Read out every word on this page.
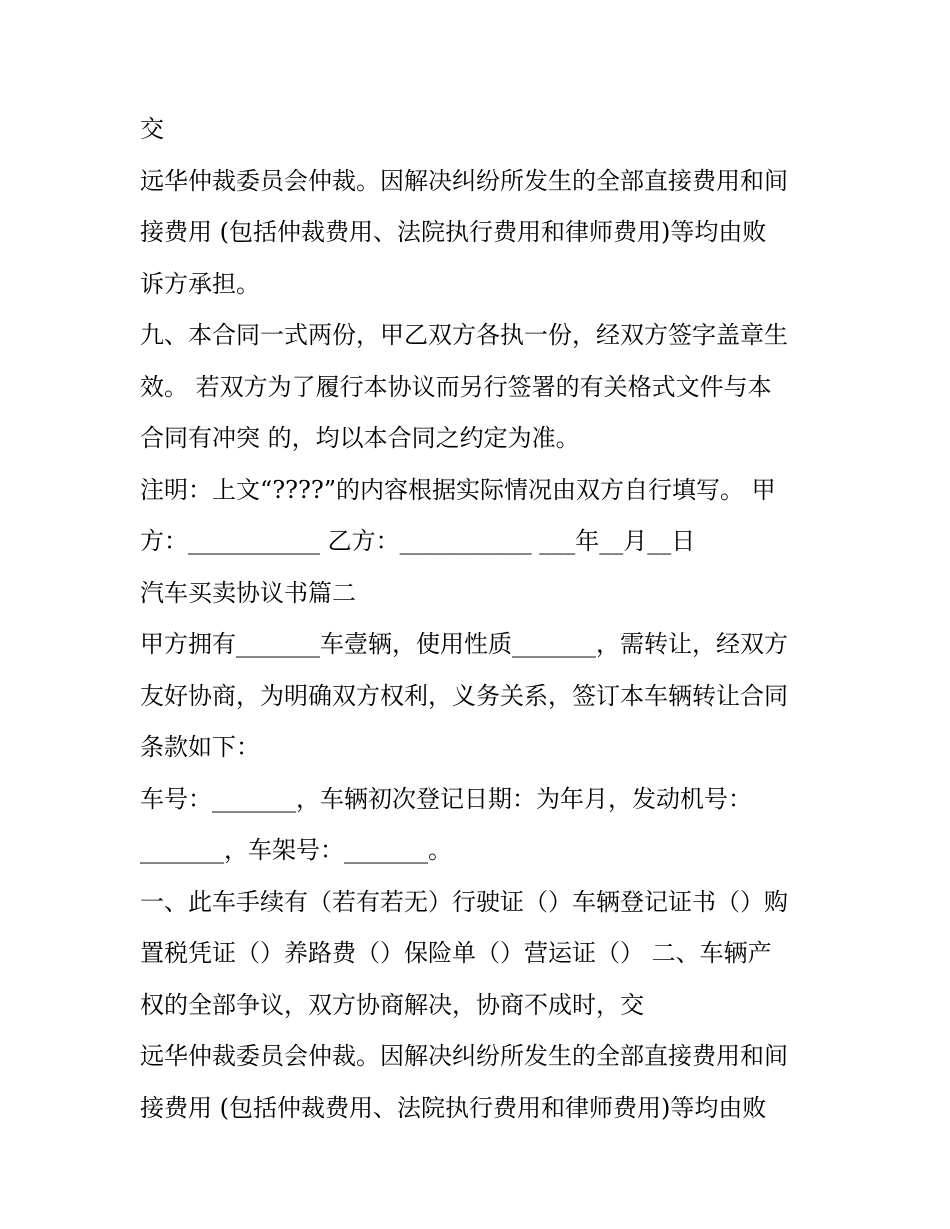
交
远华仲裁委员会仲裁。因解决纠纷所发生的全部直接费用和间
接费用 (包括仲裁费用、法院执行费用和律师费用)等均由败
诉方承担。
九、本合同一式两份，甲乙双方各执一份，经双方签字盖章生
效。 若双方为了履行本协议而另行签署的有关格式文件与本
合同有冲突 的，均以本合同之约定为准。
注明：上文“????”的内容根据实际情况由双方自行填写。 甲
方：___________ 乙方：___________ ___年__月__日
汽车买卖协议书篇二
甲方拥有_______车壹辆，使用性质_______，需转让，经双方
友好协商，为明确双方权利，义务关系，签订本车辆转让合同
条款如下：
车号：_______，车辆初次登记日期：为年月，发动机号：
_______，车架号：_______。
一、此车手续有（若有若无）行驶证（）车辆登记证书（）购
置税凭证（）养路费（）保险单（）营运证（） 二、车辆产
权的全部争议，双方协商解决，协商不成时，交
远华仲裁委员会仲裁。因解决纠纷所发生的全部直接费用和间
接费用 (包括仲裁费用、法院执行费用和律师费用)等均由败
